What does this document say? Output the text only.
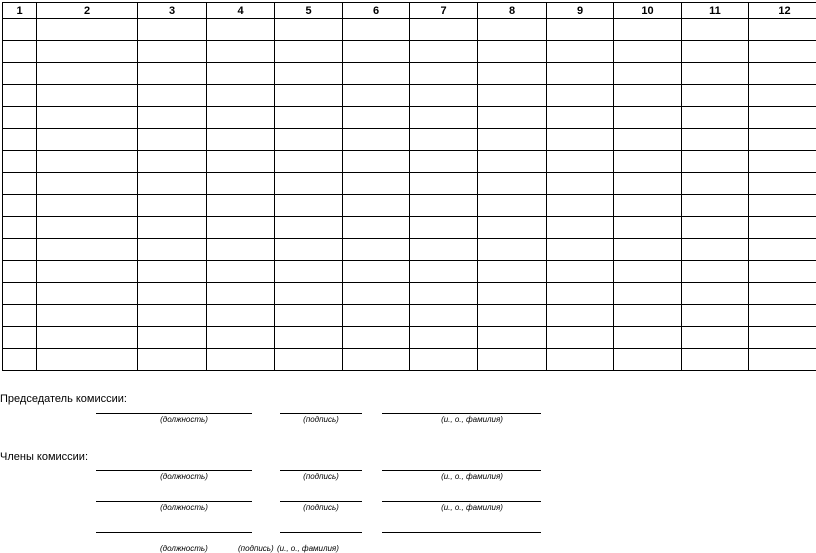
1	2	3	4	5	6	7	8	9	10	11	12

Председатель комиссии:
(должность)	(подпись)	(и., о., фамилия)
Члены комиссии:
(должность)	(подпись)	(и., о., фамилия)
(должность)	(подпись)	(и., о., фамилия)
(должность)	(подпись) (и., о., фамилия)
